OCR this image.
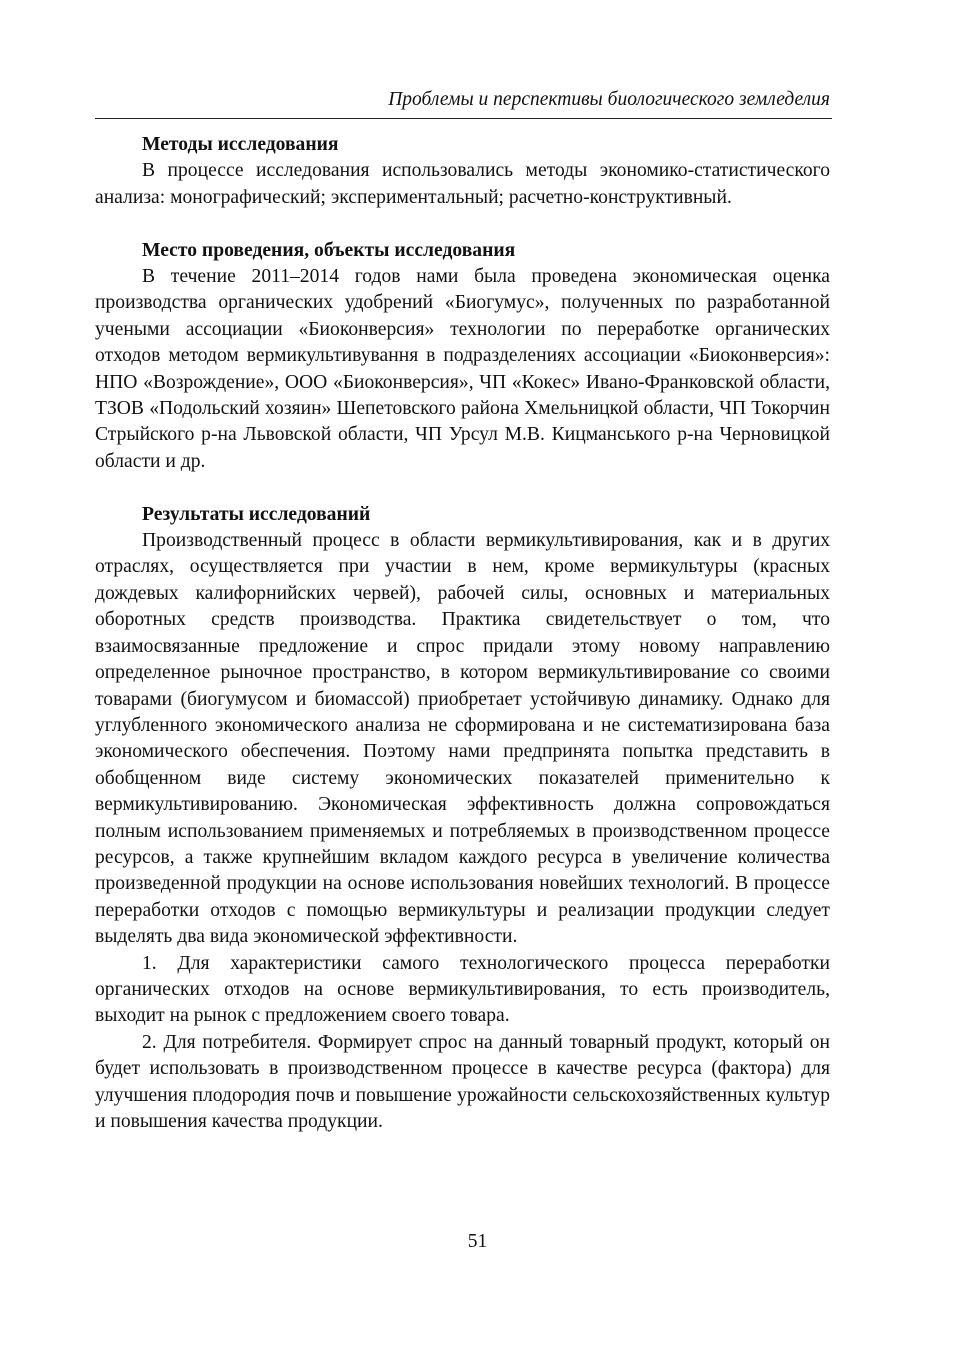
Проблемы и перспективы биологического земледелия
Методы исследования

В процессе исследования использовались методы экономико-статистического анализа: монографический; экспериментальный; расчетно-конструктивный.

Место проведения, объекты исследования

В течение 2011–2014 годов нами была проведена экономическая оценка производства органических удобрений «Биогумус», полученных по разработанной учеными ассоциации «Биоконверсия» технологии по переработке органических отходов методом вермикультивування в подразделениях ассоциации «Биоконверсия»: НПО «Возрождение», ООО «Биоконверсия», ЧП «Кокес» Ивано-Франковской области, ТЗОВ «Подольский хозяин» Шепетовского района Хмельницкой области, ЧП Токорчин Стрыйского р-на Львовской области, ЧП Урсул М.В. Кицманського р-на Черновицкой области и др.

Результаты исследований

Производственный процесс в области вермикультивирования, как и в других отраслях, осуществляется при участии в нем, кроме вермикультуры (красных дождевых калифорнийских червей), рабочей силы, основных и материальных оборотных средств производства. Практика свидетельствует о том, что взаимосвязанные предложение и спрос придали этому новому направлению определенное рыночное пространство, в котором вермикультивирование со своими товарами (биогумусом и биомассой) приобретает устойчивую динамику. Однако для углубленного экономического анализа не сформирована и не систематизирована база экономического обеспечения. Поэтому нами предпринята попытка представить в обобщенном виде систему экономических показателей применительно к вермикультивированию. Экономическая эффективность должна сопровождаться полным использованием применяемых и потребляемых в производственном процессе ресурсов, а также крупнейшим вкладом каждого ресурса в увеличение количества произведенной продукции на основе использования новейших технологий. В процессе переработки отходов с помощью вермикультуры и реализации продукции следует выделять два вида экономической эффективности.

1. Для характеристики самого технологического процесса переработки органических отходов на основе вермикультивирования, то есть производитель, выходит на рынок с предложением своего товара.

2. Для потребителя. Формирует спрос на данный товарный продукт, который он будет использовать в производственном процессе в качестве ресурса (фактора) для улучшения плодородия почв и повышение урожайности сельскохозяйственных культур и повышения качества продукции.

51
